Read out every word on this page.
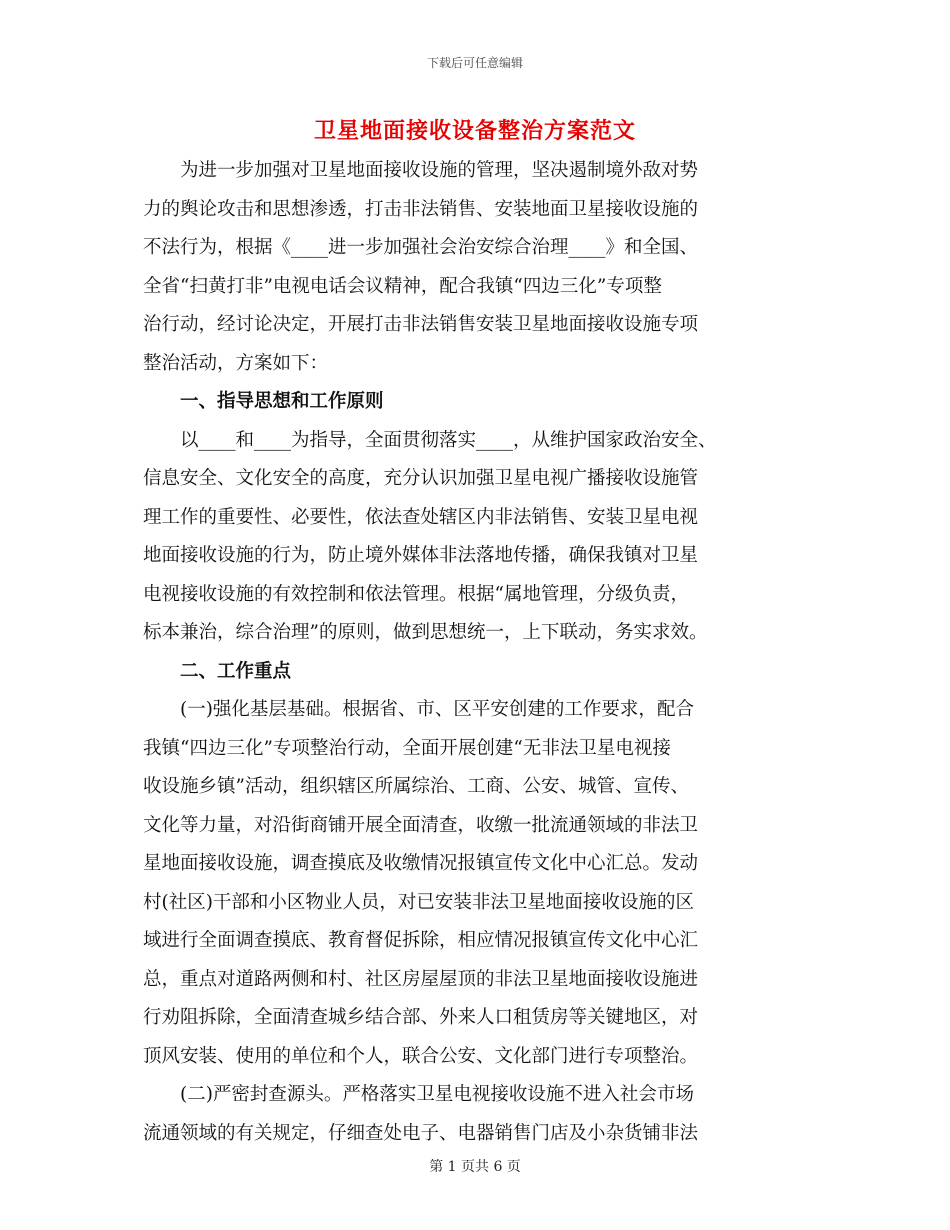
下载后可任意编辑
卫星地面接收设备整治方案范文
　　为进一步加强对卫星地面接收设施的管理，坚决遏制境外敌对势
力的舆论攻击和思想渗透，打击非法销售、安装地面卫星接收设施的
不法行为，根据《____进一步加强社会治安综合治理____》和全国、
全省“扫黄打非”电视电话会议精神，配合我镇“四边三化”专项整
治行动，经讨论决定，开展打击非法销售安装卫星地面接收设施专项
整治活动，方案如下：
　　一、指导思想和工作原则
　　以____和____为指导，全面贯彻落实____，从维护国家政治安全、
信息安全、文化安全的高度，充分认识加强卫星电视广播接收设施管
理工作的重要性、必要性，依法查处辖区内非法销售、安装卫星电视
地面接收设施的行为，防止境外媒体非法落地传播，确保我镇对卫星
电视接收设施的有效控制和依法管理。根据“属地管理，分级负责，
标本兼治，综合治理”的原则，做到思想统一，上下联动，务实求效。
　　二、工作重点
　　(一)强化基层基础。根据省、市、区平安创建的工作要求，配合
我镇“四边三化”专项整治行动，全面开展创建“无非法卫星电视接
收设施乡镇”活动，组织辖区所属综治、工商、公安、城管、宣传、
文化等力量，对沿街商铺开展全面清查，收缴一批流通领域的非法卫
星地面接收设施，调查摸底及收缴情况报镇宣传文化中心汇总。发动
村(社区)干部和小区物业人员，对已安装非法卫星地面接收设施的区
域进行全面调查摸底、教育督促拆除，相应情况报镇宣传文化中心汇
总，重点对道路两侧和村、社区房屋屋顶的非法卫星地面接收设施进
行劝阻拆除，全面清查城乡结合部、外来人口租赁房等关键地区，对
顶风安装、使用的单位和个人，联合公安、文化部门进行专项整治。
　　(二)严密封查源头。严格落实卫星电视接收设施不进入社会市场
流通领域的有关规定，仔细查处电子、电器销售门店及小杂货铺非法
第 1 页共 6 页
